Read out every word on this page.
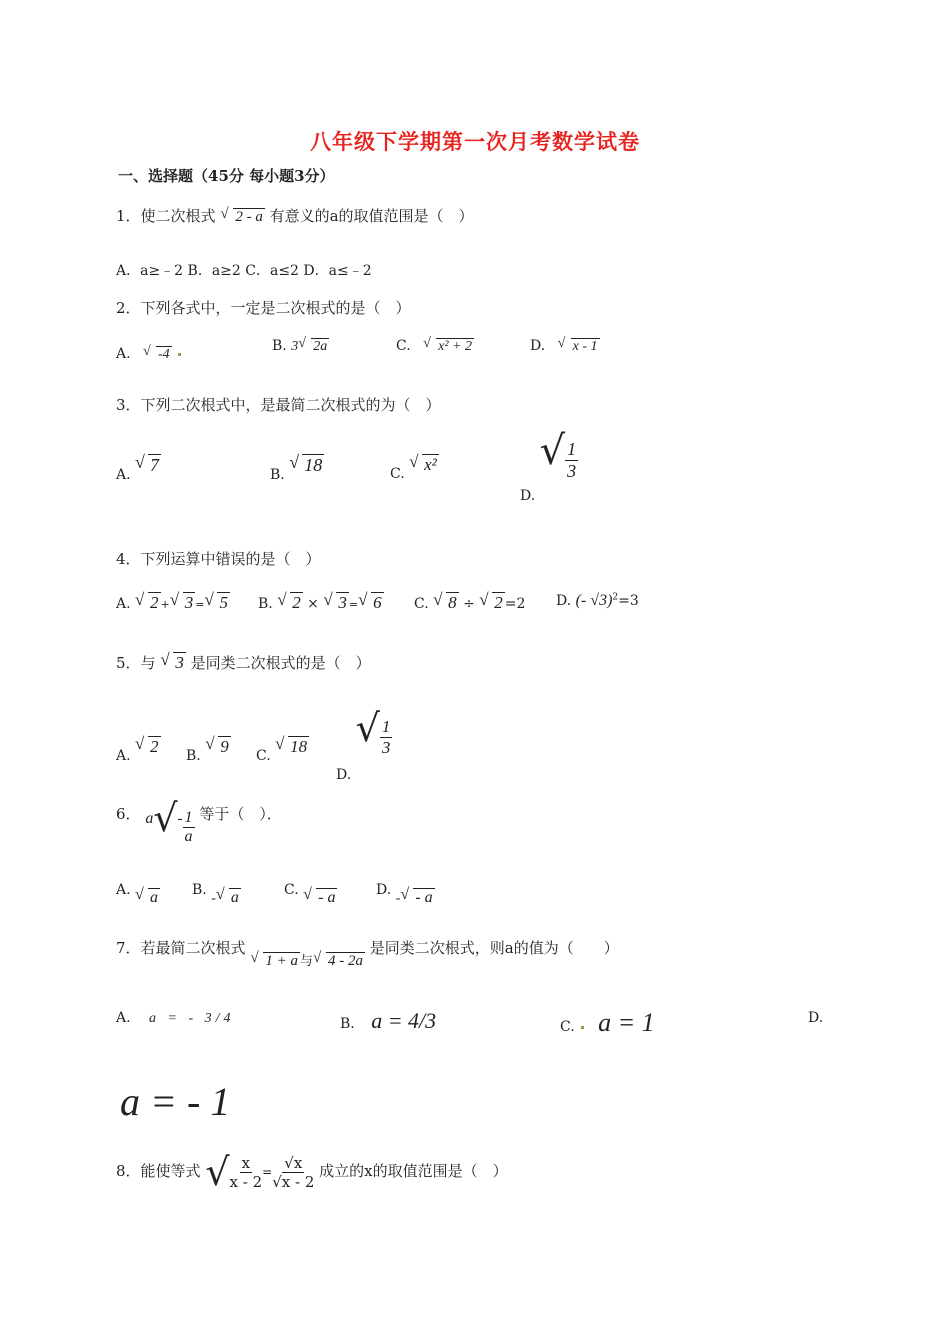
八年级下学期第一次月考数学试卷
一、选择题（45分 每小题3分）
1．使二次根式 √ 2 - a 有意义的a的取值范围是（　）
A．a≥﹣2 B．a≥2 C．a≤2 D．a≤﹣2
2．下列各式中，一定是二次根式的是（　）
A. √ -4
B. 3 √ 2a	C. √ x² + 2	D. √ x - 1
3．下列二次根式中，是最简二次根式的为（　）
A.
√ 7	B.
√ 18	C.
√ x²
D. √ $\frac{1}{3}$
4．下列运算中错误的是（　）
A. √ 2 + √ 3 = √ 5 B. √ 2 × √ 3 = √ 6 C. √ 8 ÷ √ 2 =2 D. (- √3)$^2$=3
5．与 √ 3 是同类二次根式的是（　）
A.
√ 2 B.
√ 9 C.
√ 18
D. √ $\frac{1}{3}$
6． $a√- \frac{1}{a}$ 等于（　）．
A. √ a B. - √ a	C. √ - a	D. - √ - a
7．若最简二次根式
√ 1 + a 与 √ 4 - 2a 是同类二次根式，则a的值为（　　）
A. a = - 3/4	B. a = 4/3	C. a = 1	D.
a = - 1
8．能使等式 √ $\frac{x}{x - 2} = \frac{√x}{√x - 2}$ 成立的x的取值范围是（　）
